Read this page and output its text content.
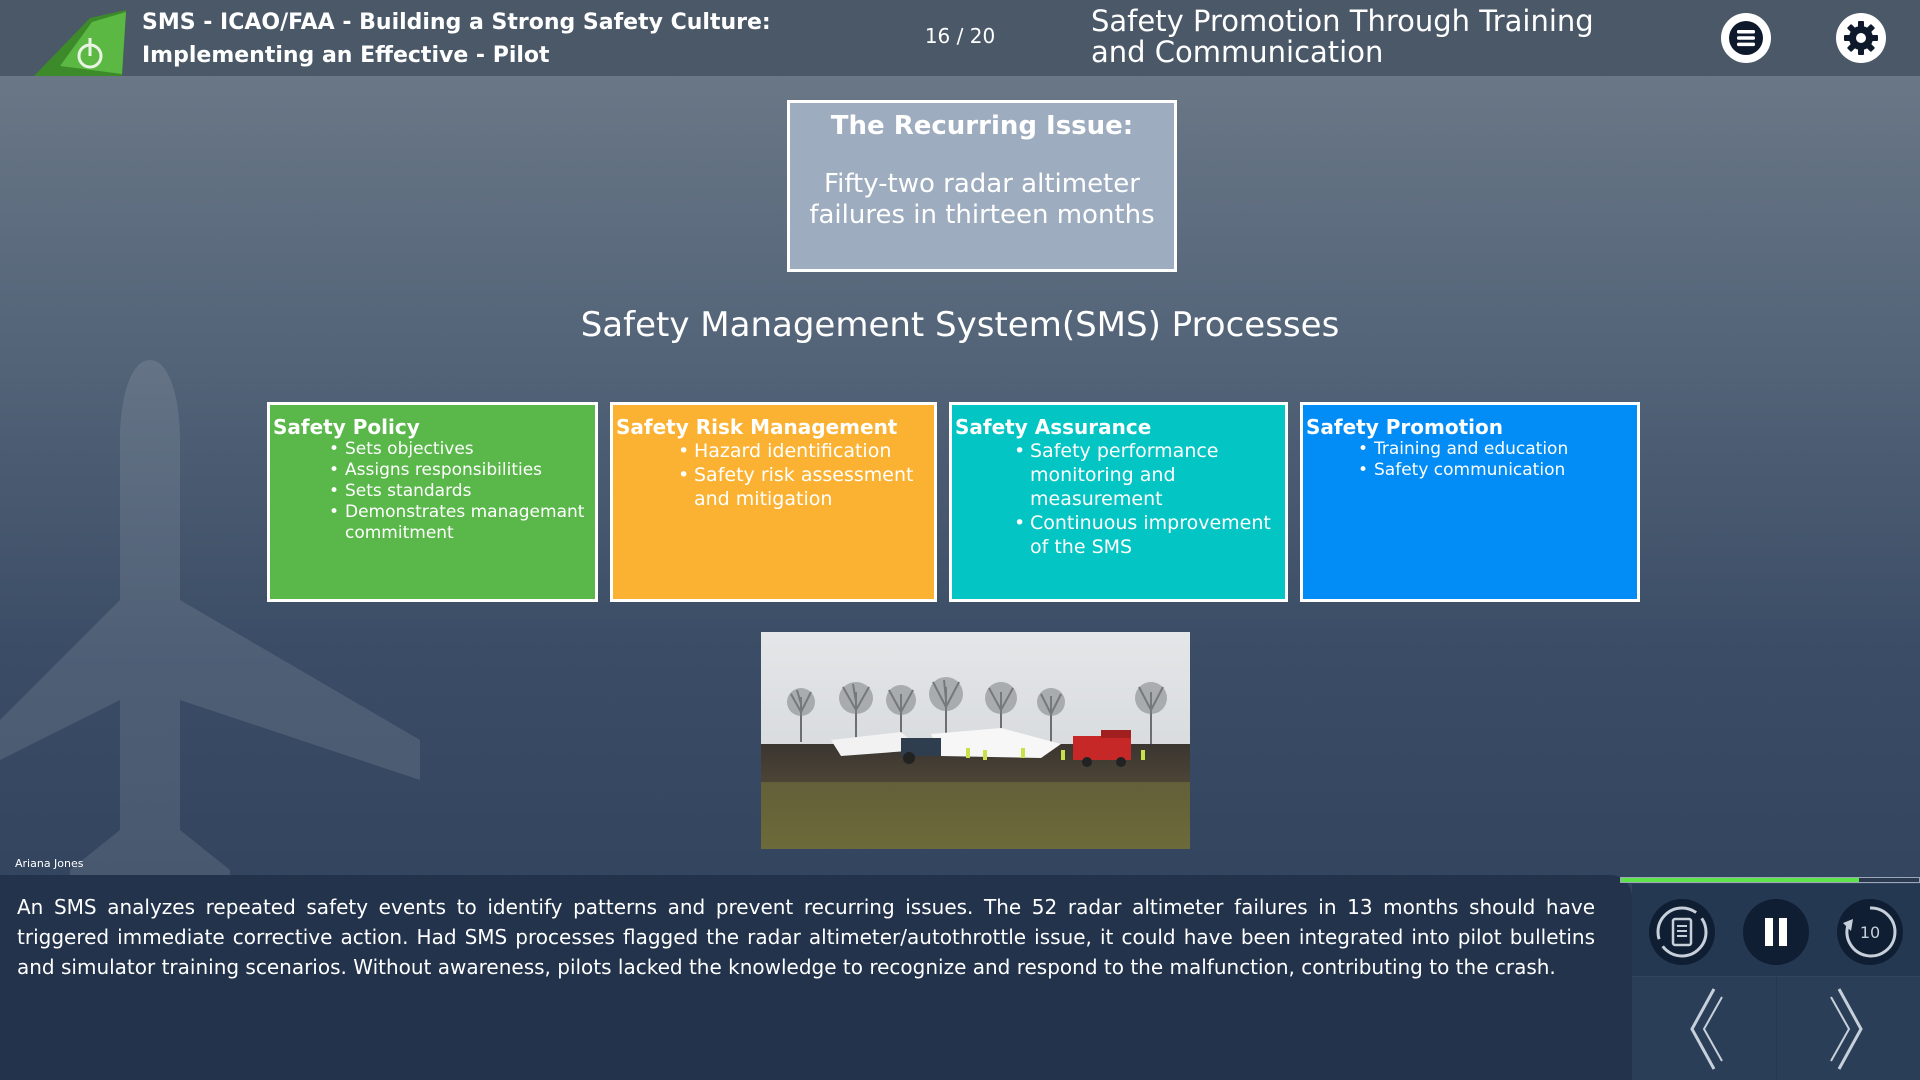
SMS - ICAO/FAA - Building a Strong Safety Culture:
Implementing an Effective - Pilot
16 / 20	Safety Promotion Through Training and Communication
The Recurring Issue:
Fifty-two radar altimeter failures in thirteen months
Safety Management System(SMS) Processes
Safety Policy
• Sets objectives
• Assigns responsibilities
• Sets standards
• Demonstrates managemant commitment
Safety Risk Management
• Hazard identification
• Safety risk assessment and mitigation
Safety Assurance
• Safety performance monitoring and measurement
• Continuous improvement of the SMS
Safety Promotion
• Training and education
• Safety communication
Ariana Jones
An SMS analyzes repeated safety events to identify patterns and prevent recurring issues. The 52 radar altimeter failures in 13 months should have triggered immediate corrective action. Had SMS processes flagged the radar altimeter/autothrottle issue, it could have been integrated into pilot bulletins and simulator training scenarios. Without awareness, pilots lacked the knowledge to recognize and respond to the malfunction, contributing to the crash.
10
